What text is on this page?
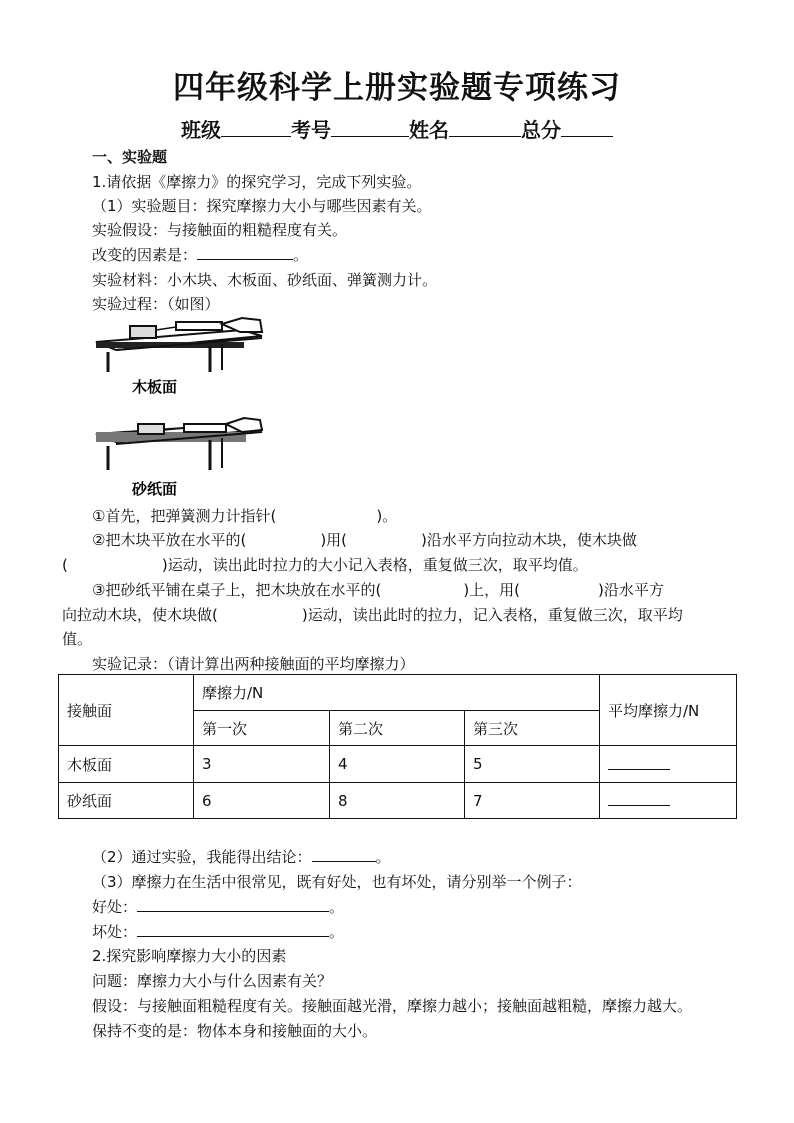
四年级科学上册实验题专项练习
班级	考号	姓名	总分
一、实验题
1.请依据《摩擦力》的探究学习，完成下列实验。
（1）实验题目：探究摩擦力大小与哪些因素有关。
实验假设：与接触面的粗糙程度有关。
改变的因素是：	。
实验材料：小木块、木板面、砂纸面、弹簧测力计。
实验过程：（如图）
木板面
砂纸面
①首先，把弹簧测力计指针(	)。
②把木块平放在水平的(	)用(	)沿水平方向拉动木块，使木块做
(	)运动，读出此时拉力的大小记入表格，重复做三次，取平均值。
③把砂纸平铺在桌子上，把木块放在水平的(	)上，用(	)沿水平方
向拉动木块，使木块做(	)运动，读出此时的拉力，记入表格，重复做三次，取平均
值。
实验记录：（请计算出两种接触面的平均摩擦力）
接触面	摩擦力/N			平均摩擦力/N
	第一次	第二次	第三次	
木板面	3	4	5	
砂纸面	6	8	7	
（2）通过实验，我能得出结论：	。
（3）摩擦力在生活中很常见，既有好处，也有坏处，请分别举一个例子：
好处：	。
坏处：	。
2.探究影响摩擦力大小的因素
问题：摩擦力大小与什么因素有关？
假设：与接触面粗糙程度有关。接触面越光滑，摩擦力越小；接触面越粗糙，摩擦力越大。
保持不变的是：物体本身和接触面的大小。
